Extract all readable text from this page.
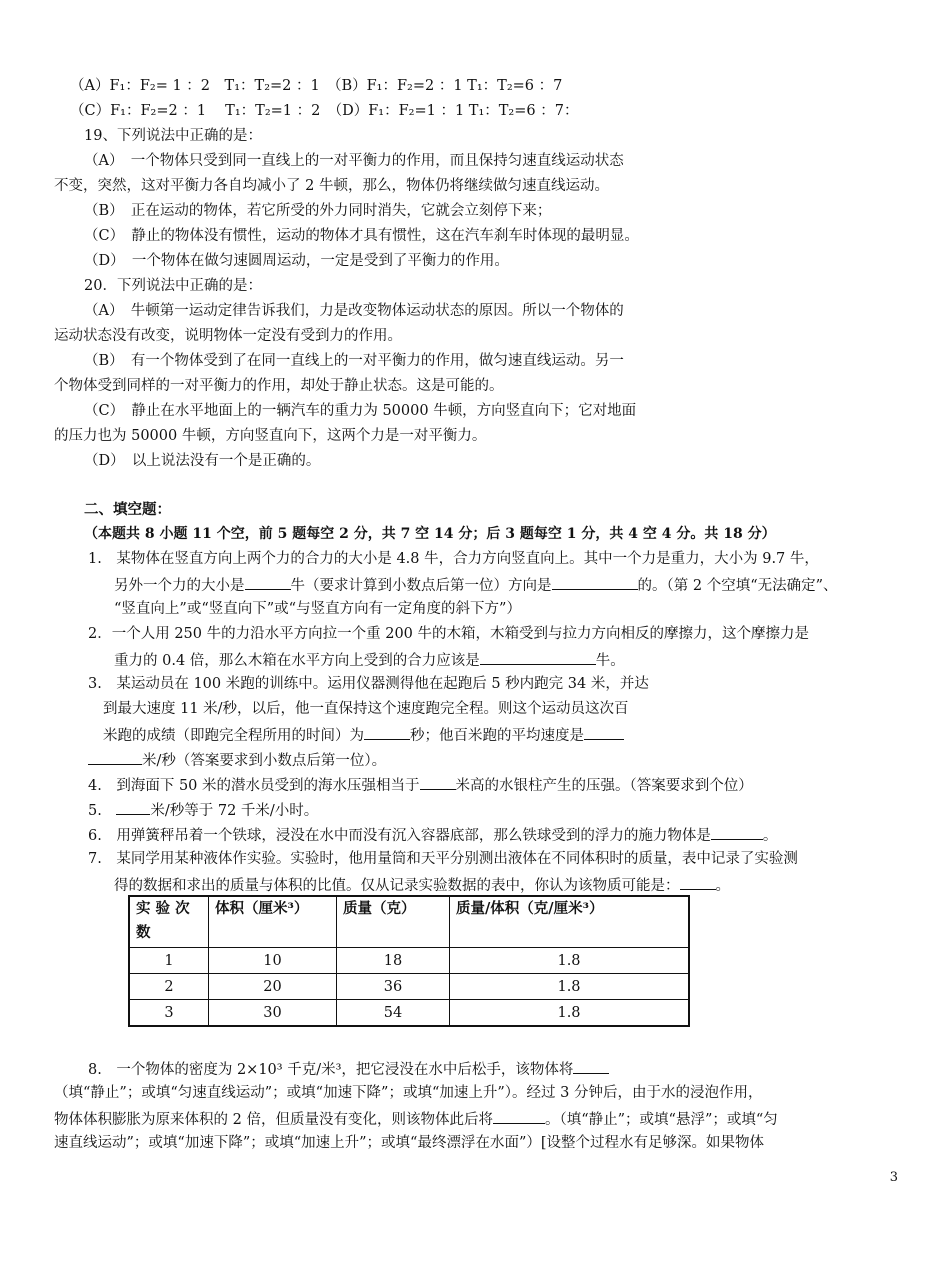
（A）F₁：F₂= 1 ：2　T₁：T₂=2 ：1　（B）F₁：F₂=2 ：1 T₁：T₂=6 ：7
（C）F₁：F₂=2 ：1　 T₁：T₂=1 ：2　（D）F₁：F₂=1 ：1 T₁：T₂=6 ：7：
19、下列说法中正确的是：
（A）　一个物体只受到同一直线上的一对平衡力的作用，而且保持匀速直线运动状态
不变，突然，这对平衡力各自均减小了 2 牛顿，那么，物体仍将继续做匀速直线运动。
（B）　正在运动的物体，若它所受的外力同时消失，它就会立刻停下来；
（C）　静止的物体没有惯性，运动的物体才具有惯性，这在汽车刹车时体现的最明显。
（D）　一个物体在做匀速圆周运动，一定是受到了平衡力的作用。
20．下列说法中正确的是：
（A）　牛顿第一运动定律告诉我们，力是改变物体运动状态的原因。所以一个物体的
运动状态没有改变，说明物体一定没有受到力的作用。
（B）　有一个物体受到了在同一直线上的一对平衡力的作用，做匀速直线运动。另一
个物体受到同样的一对平衡力的作用，却处于静止状态。这是可能的。
（C）　静止在水平地面上的一辆汽车的重力为 50000 牛顿，方向竖直向下；它对地面
的压力也为 50000 牛顿，方向竖直向下，这两个力是一对平衡力。
（D）　以上说法没有一个是正确的。
二、填空题：
（本题共 8 小题 11 个空，前 5 题每空 2 分，共 7 空 14 分；后 3 题每空 1 分，共 4 空 4 分。共 18 分）
1.　某物体在竖直方向上两个力的合力的大小是 4.8 牛，合力方向竖直向上。其中一个力是重力，大小为 9.7 牛，
另外一个力的大小是	牛（要求计算到小数点后第一位）方向是	的。（第 2 个空填“无法确定”、
“竖直向上”或“竖直向下”或“与竖直方向有一定角度的斜下方”）
2．一个人用 250 牛的力沿水平方向拉一个重 200 牛的木箱，木箱受到与拉力方向相反的摩擦力，这个摩擦力是
重力的 0.4 倍，那么木箱在水平方向上受到的合力应该是	牛。
3.　某运动员在 100 米跑的训练中。运用仪器测得他在起跑后 5 秒内跑完 34 米，并达
到最大速度 11 米/秒，以后，他一直保持这个速度跑完全程。则这个运动员这次百
米跑的成绩（即跑完全程所用的时间）为	秒；他百米跑的平均速度是
米/秒（答案要求到小数点后第一位）。
4.　到海面下 50 米的潜水员受到的海水压强相当于 米高的水银柱产生的压强。（答案要求到个位）
5.　米/秒等于 72 千米/小时。
6.　用弹簧秤吊着一个铁球，浸没在水中而没有沉入容器底部，那么铁球受到的浮力的施力物体是	。
7.　某同学用某种液体作实验。实验时，他用量筒和天平分别测出液体在不同体积时的质量，表中记录了实验测
得的数据和求出的质量与体积的比值。仅从记录实验数据的表中，你认为该物质可能是： 。
实 验 次数	体积（厘米³）	质量（克）	质量/体积（克/厘米³）
1	10	18	1.8
2	20	36	1.8
3	30	54	1.8
8.　一个物体的密度为 2×10³ 千克/米³，把它浸没在水中后松手，该物体将
（填“静止”；或填“匀速直线运动”；或填“加速下降”；或填“加速上升”）。经过 3 分钟后，由于水的浸泡作用，
物体体积膨胀为原来体积的 2 倍，但质量没有变化，则该物体此后将	。（填“静止”；或填“悬浮”；或填“匀
速直线运动”；或填“加速下降”；或填“加速上升”；或填“最终漂浮在水面”）[设整个过程水有足够深。如果物体
3
